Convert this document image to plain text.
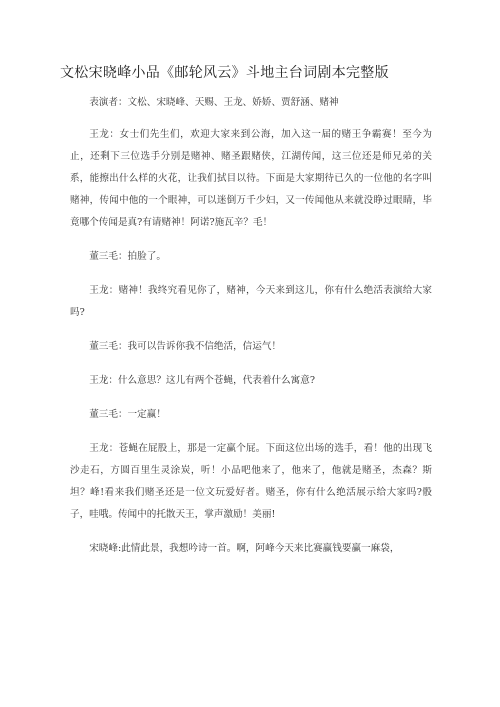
文松宋晓峰小品《邮轮风云》斗地主台词剧本完整版

表演者：文松、宋晓峰、天赐、王龙、娇娇、贾舒涵、赌神

王龙：女士们先生们，欢迎大家来到公海，加入这一届的赌王争霸赛！至今为止，还剩下三位选手分别是赌神、赌圣跟赌侠，江湖传闻，这三位还是师兄弟的关系，能擦出什么样的火花，让我们拭目以待。下面是大家期待已久的一位他的名字叫赌神，传闻中他的一个眼神，可以迷倒万千少妇，又一传闻他从来就没睁过眼睛，毕竟哪个传闻是真?有请赌神！阿诺?施瓦辛？毛！

董三毛：拍脸了。

王龙：赌神！我终究看见你了，赌神，今天来到这儿，你有什么绝活表演给大家吗?

董三毛：我可以告诉你我不信绝活，信运气！

王龙：什么意思？这儿有两个苍蝇，代表着什么寓意?

董三毛：一定赢！

王龙：苍蝇在屁股上，那是一定赢个屁。下面这位出场的选手，看！他的出现飞沙走石，方圆百里生灵涂炭，听！小品吧他来了，他来了，他就是赌圣，杰森？斯坦？峰!看来我们赌圣还是一位文玩爱好者。赌圣，你有什么绝活展示给大家吗?骰子，哇哦。传闻中的托散天王，掌声激励！美丽!

宋晓峰:此情此景，我想吟诗一首。啊，阿峰今天来比赛赢钱要赢一麻袋，
